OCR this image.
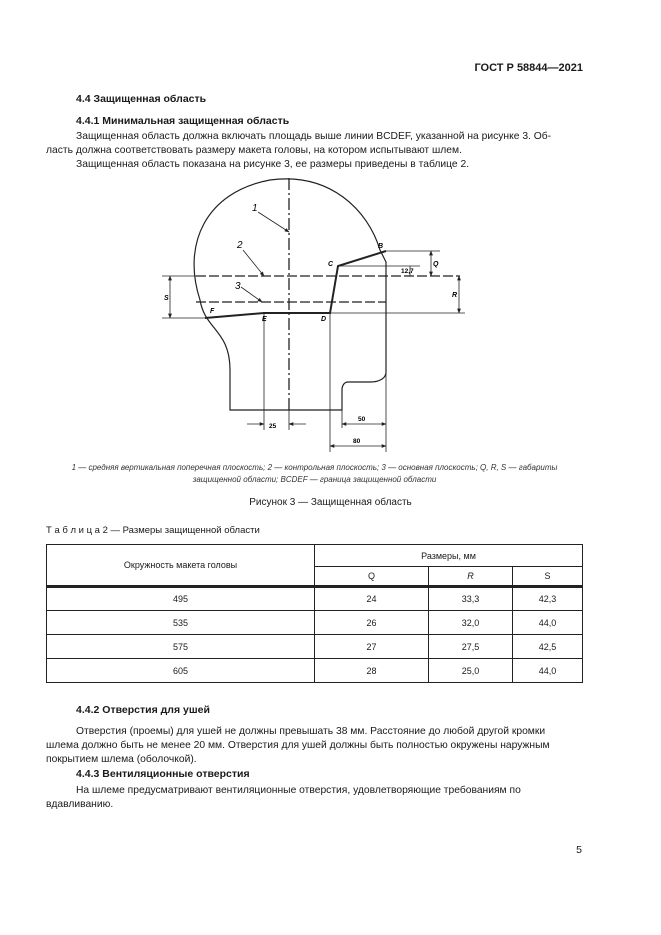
ГОСТ Р 58844—2021
4.4 Защищенная область
4.4.1 Минимальная защищенная область
Защищенная область должна включать площадь выше линии BCDEF, указанной на рисунке 3. Об-
ласть должна соответствовать размеру макета головы, на котором испытывают шлем.
Защищенная область показана на рисунке 3, ее размеры приведены в таблице 2.
1
2
3
B
C
D
E
F
Q
R
S
12,7
25
50
80
1 — средняя вертикальная поперечная плоскость; 2 — контрольная плоскость; 3 — основная плоскость; Q, R, S — габариты
защищенной области; BCDEF — граница защищенной области
Рисунок 3 — Защищенная область
Т а б л и ц а 2 — Размеры защищенной области
Окружность макета головы	Размеры, мм		
	Q	R	S

495	24	33,3	42,3
535	26	32,0	44,0
575	27	27,5	42,5
605	28	25,0	44,0
4.4.2 Отверстия для ушей
Отверстия (проемы) для ушей не должны превышать 38 мм. Расстояние до любой другой кромки
шлема должно быть не менее 20 мм. Отверстия для ушей должны быть полностью окружены наружным
покрытием шлема (оболочкой).
4.4.3 Вентиляционные отверстия
На шлеме предусматривают вентиляционные отверстия, удовлетворяющие требованиям по
вдавливанию.
5
